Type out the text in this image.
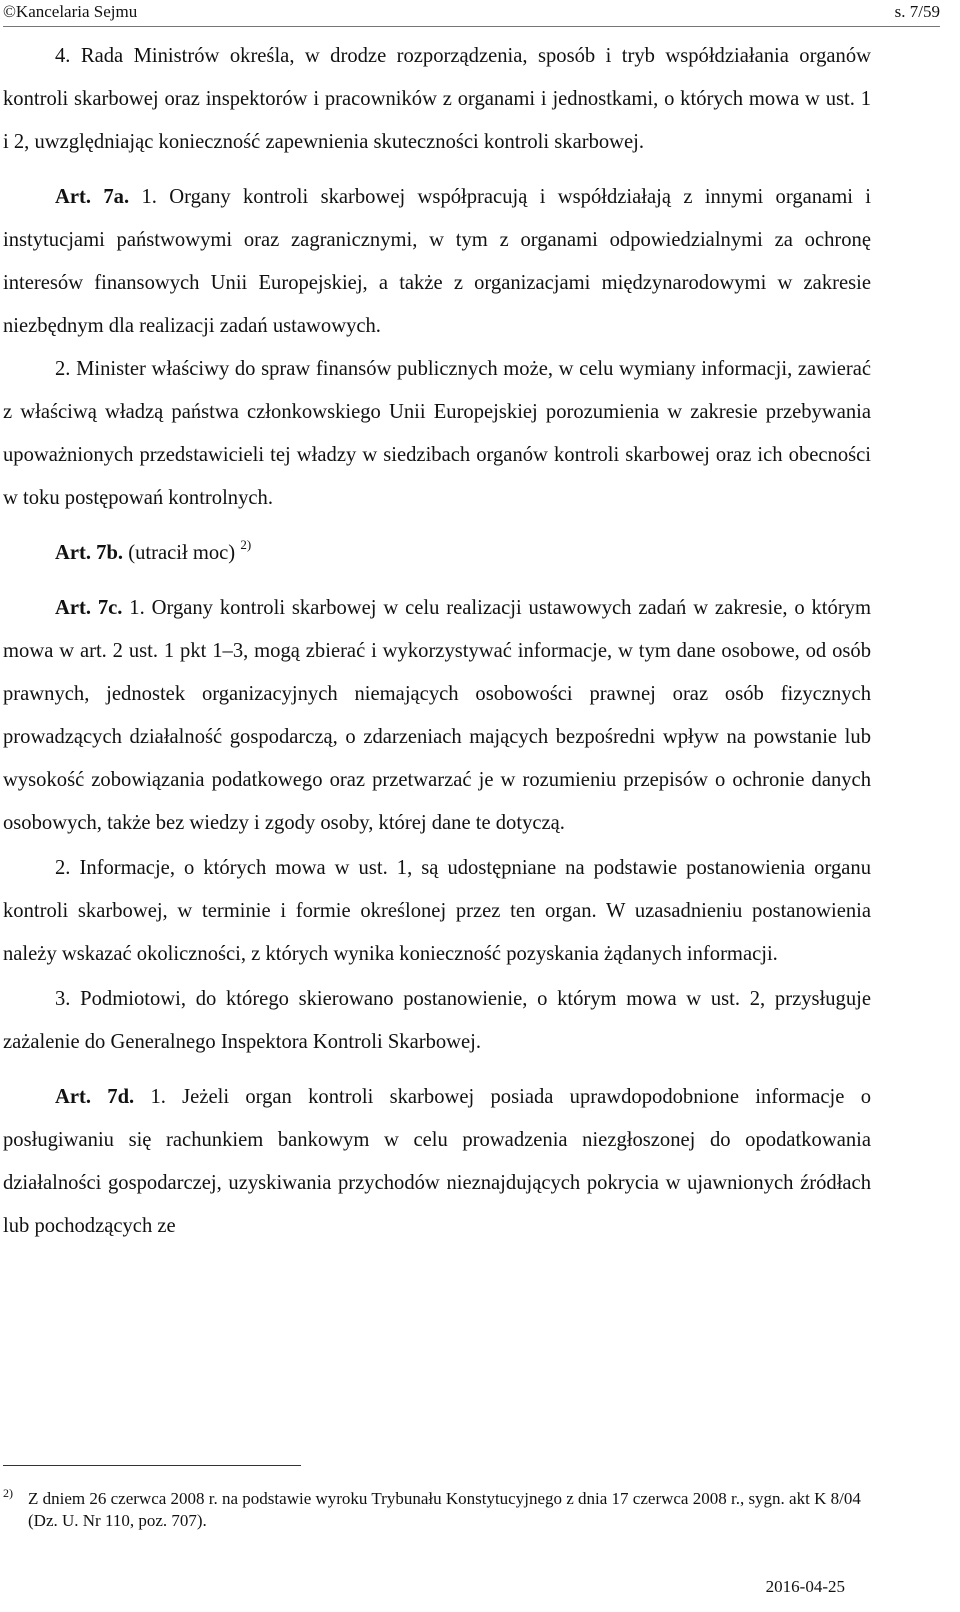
©Kancelaria Sejmu	s. 7/59

4. Rada Ministrów określa, w drodze rozporządzenia, sposób i tryb współdziałania organów kontroli skarbowej oraz inspektorów i pracowników z organami i jednostkami, o których mowa w ust. 1 i 2, uwzględniając konieczność zapewnienia skuteczności kontroli skarbowej.

Art. 7a. 1. Organy kontroli skarbowej współpracują i współdziałają z innymi organami i instytucjami państwowymi oraz zagranicznymi, w tym z organami odpowiedzialnymi za ochronę interesów finansowych Unii Europejskiej, a także z organizacjami międzynarodowymi w zakresie niezbędnym dla realizacji zadań ustawowych.

2. Minister właściwy do spraw finansów publicznych może, w celu wymiany informacji, zawierać z właściwą władzą państwa członkowskiego Unii Europejskiej porozumienia w zakresie przebywania upoważnionych przedstawicieli tej władzy w siedzibach organów kontroli skarbowej oraz ich obecności w toku postępowań kontrolnych.

Art. 7b. (utracił moc) $^{2)}$

Art. 7c. 1. Organy kontroli skarbowej w celu realizacji ustawowych zadań w zakresie, o którym mowa w art. 2 ust. 1 pkt 1–3, mogą zbierać i wykorzystywać informacje, w tym dane osobowe, od osób prawnych, jednostek organizacyjnych niemających osobowości prawnej oraz osób fizycznych prowadzących działalność gospodarczą, o zdarzeniach mających bezpośredni wpływ na powstanie lub wysokość zobowiązania podatkowego oraz przetwarzać je w rozumieniu przepisów o ochronie danych osobowych, także bez wiedzy i zgody osoby, której dane te dotyczą.

2. Informacje, o których mowa w ust. 1, są udostępniane na podstawie postanowienia organu kontroli skarbowej, w terminie i formie określonej przez ten organ. W uzasadnieniu postanowienia należy wskazać okoliczności, z których wynika konieczność pozyskania żądanych informacji.

3. Podmiotowi, do którego skierowano postanowienie, o którym mowa w ust. 2, przysługuje zażalenie do Generalnego Inspektora Kontroli Skarbowej.

Art. 7d. 1. Jeżeli organ kontroli skarbowej posiada uprawdopodobnione informacje o posługiwaniu się rachunkiem bankowym w celu prowadzenia niezgłoszonej do opodatkowania działalności gospodarczej, uzyskiwania przychodów nieznajdujących pokrycia w ujawnionych źródłach lub pochodzących ze

2) Z dniem 26 czerwca 2008 r. na podstawie wyroku Trybunału Konstytucyjnego z dnia 17 czerwca 2008 r., sygn. akt K 8/04 (Dz. U. Nr 110, poz. 707).
2016-04-25
